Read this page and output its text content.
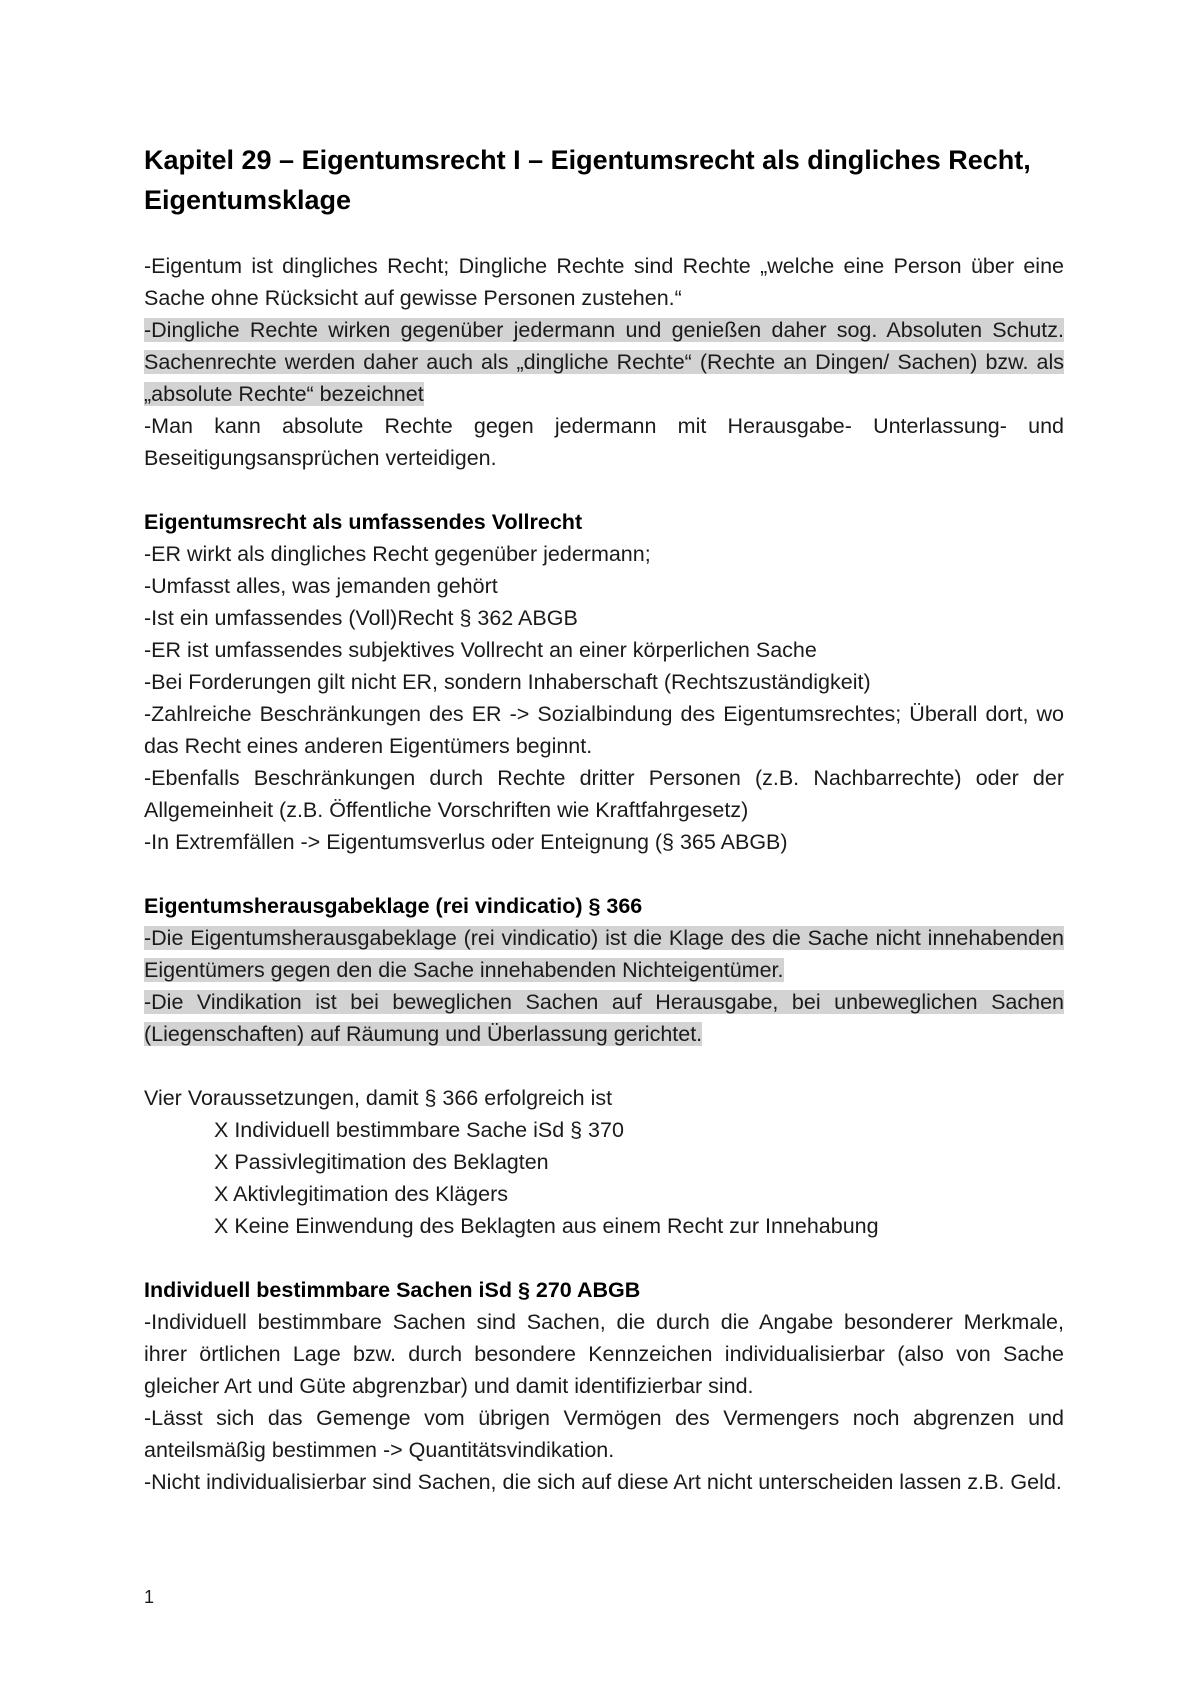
Kapitel 29 – Eigentumsrecht I – Eigentumsrecht als dingliches Recht, Eigentumsklage

-Eigentum ist dingliches Recht; Dingliche Rechte sind Rechte „welche eine Person über eine Sache ohne Rücksicht auf gewisse Personen zustehen.“

-Dingliche Rechte wirken gegenüber jedermann und genießen daher sog. Absoluten Schutz. Sachenrechte werden daher auch als „dingliche Rechte“ (Rechte an Dingen/ Sachen) bzw. als „absolute Rechte“ bezeichnet

-Man kann absolute Rechte gegen jedermann mit Herausgabe- Unterlassung- und Beseitigungsansprüchen verteidigen.

Eigentumsrecht als umfassendes Vollrecht

-ER wirkt als dingliches Recht gegenüber jedermann;

-Umfasst alles, was jemanden gehört

-Ist ein umfassendes (Voll)Recht § 362 ABGB

-ER ist umfassendes subjektives Vollrecht an einer körperlichen Sache

-Bei Forderungen gilt nicht ER, sondern Inhaberschaft (Rechtszuständigkeit)

-Zahlreiche Beschränkungen des ER -> Sozialbindung des Eigentumsrechtes; Überall dort, wo das Recht eines anderen Eigentümers beginnt.

-Ebenfalls Beschränkungen durch Rechte dritter Personen (z.B. Nachbarrechte) oder der Allgemeinheit (z.B. Öffentliche Vorschriften wie Kraftfahrgesetz)

-In Extremfällen -> Eigentumsverlus oder Enteignung (§ 365 ABGB)

Eigentumsherausgabeklage (rei vindicatio) § 366

-Die Eigentumsherausgabeklage (rei vindicatio) ist die Klage des die Sache nicht innehabenden Eigentümers gegen den die Sache innehabenden Nichteigentümer.

-Die Vindikation ist bei beweglichen Sachen auf Herausgabe, bei unbeweglichen Sachen (Liegenschaften) auf Räumung und Überlassung gerichtet.

Vier Voraussetzungen, damit § 366 erfolgreich ist

X Individuell bestimmbare Sache iSd § 370

X Passivlegitimation des Beklagten

X Aktivlegitimation des Klägers

X Keine Einwendung des Beklagten aus einem Recht zur Innehabung

Individuell bestimmbare Sachen iSd § 270 ABGB

-Individuell bestimmbare Sachen sind Sachen, die durch die Angabe besonderer Merkmale, ihrer örtlichen Lage bzw. durch besondere Kennzeichen individualisierbar (also von Sache gleicher Art und Güte abgrenzbar) und damit identifizierbar sind.

-Lässt sich das Gemenge vom übrigen Vermögen des Vermengers noch abgrenzen und anteilsmäßig bestimmen -> Quantitätsvindikation.

-Nicht individualisierbar sind Sachen, die sich auf diese Art nicht unterscheiden lassen z.B. Geld.

1
